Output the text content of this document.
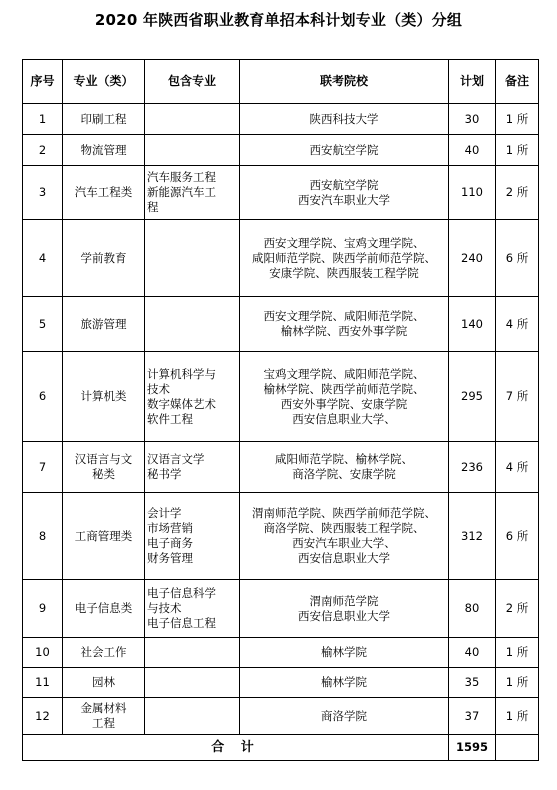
2020 年陕西省职业教育单招本科计划专业（类）分组
序号	专业（类）	包含专业	联考院校	计划	备注
1	印刷工程		陕西科技大学	30	1 所
2	物流管理		西安航空学院	40	1 所
3	汽车工程类	汽车服务工程
新能源汽车工
程	西安航空学院
西安汽车职业大学	110	2 所
4	学前教育		西安文理学院、宝鸡文理学院、
咸阳师范学院、陕西学前师范学院、
安康学院、陕西服装工程学院	240	6 所
5	旅游管理		西安文理学院、咸阳师范学院、
榆林学院、西安外事学院	140	4 所
6	计算机类	计算机科学与
技术
数字媒体艺术
软件工程	宝鸡文理学院、咸阳师范学院、
榆林学院、陕西学前师范学院、
西安外事学院、安康学院
西安信息职业大学、	295	7 所
7	汉语言与文
秘类	汉语言文学
秘书学	咸阳师范学院、榆林学院、
商洛学院、安康学院	236	4 所
8	工商管理类	会计学
市场营销
电子商务
财务管理	渭南师范学院、陕西学前师范学院、
商洛学院、陕西服装工程学院、
西安汽车职业大学、
西安信息职业大学	312	6 所
9	电子信息类	电子信息科学
与技术
电子信息工程	渭南师范学院
西安信息职业大学	80	2 所
10	社会工作		榆林学院	40	1 所
11	园林		榆林学院	35	1 所
12	金属材料
工程		商洛学院	37	1 所
合 计				1595	
